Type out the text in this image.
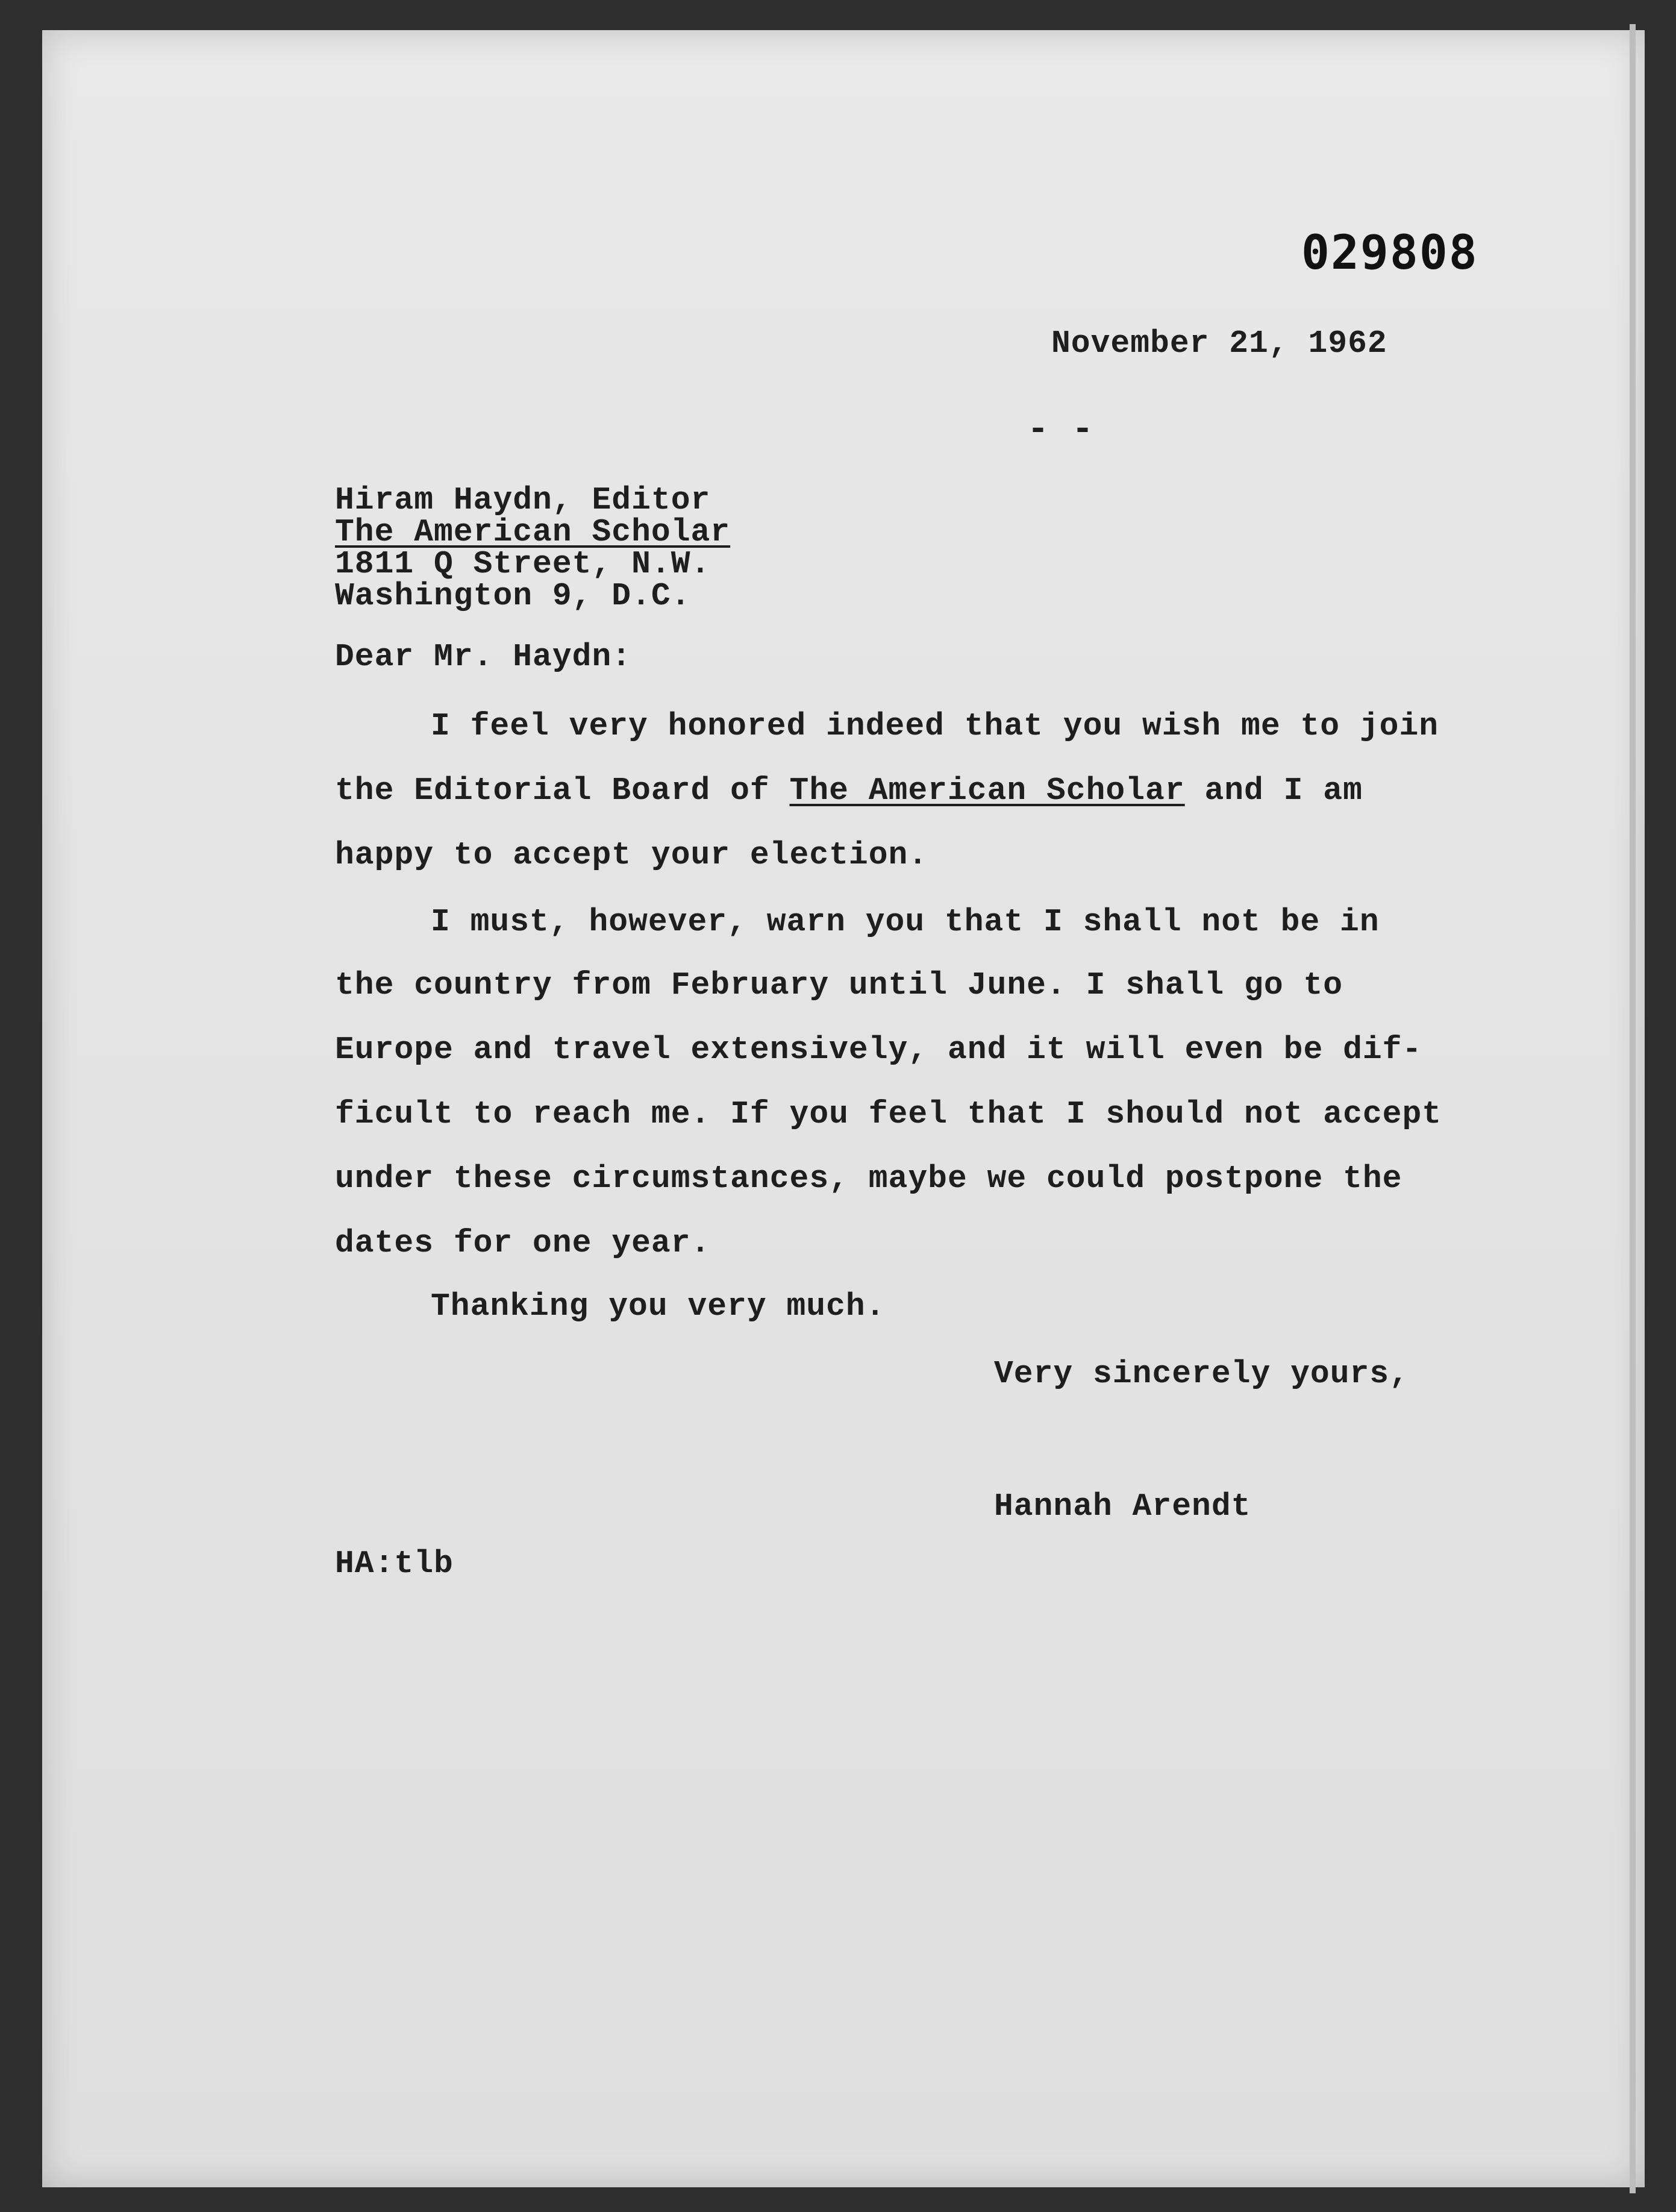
029808
November 21, 1962
- -
Hiram Haydn, Editor
The American Scholar
1811 Q Street, N.W.
Washington 9, D.C.
Dear Mr. Haydn:
I feel very honored indeed that you wish me to join
the Editorial Board of The American Scholar and I am
happy to accept your election.
I must, however, warn you that I shall not be in
the country from February until June. I shall go to
Europe and travel extensively, and it will even be dif-
ficult to reach me. If you feel that I should not accept
under these circumstances, maybe we could postpone the
dates for one year.
Thanking you very much.
Very sincerely yours,
Hannah Arendt
HA:tlb
